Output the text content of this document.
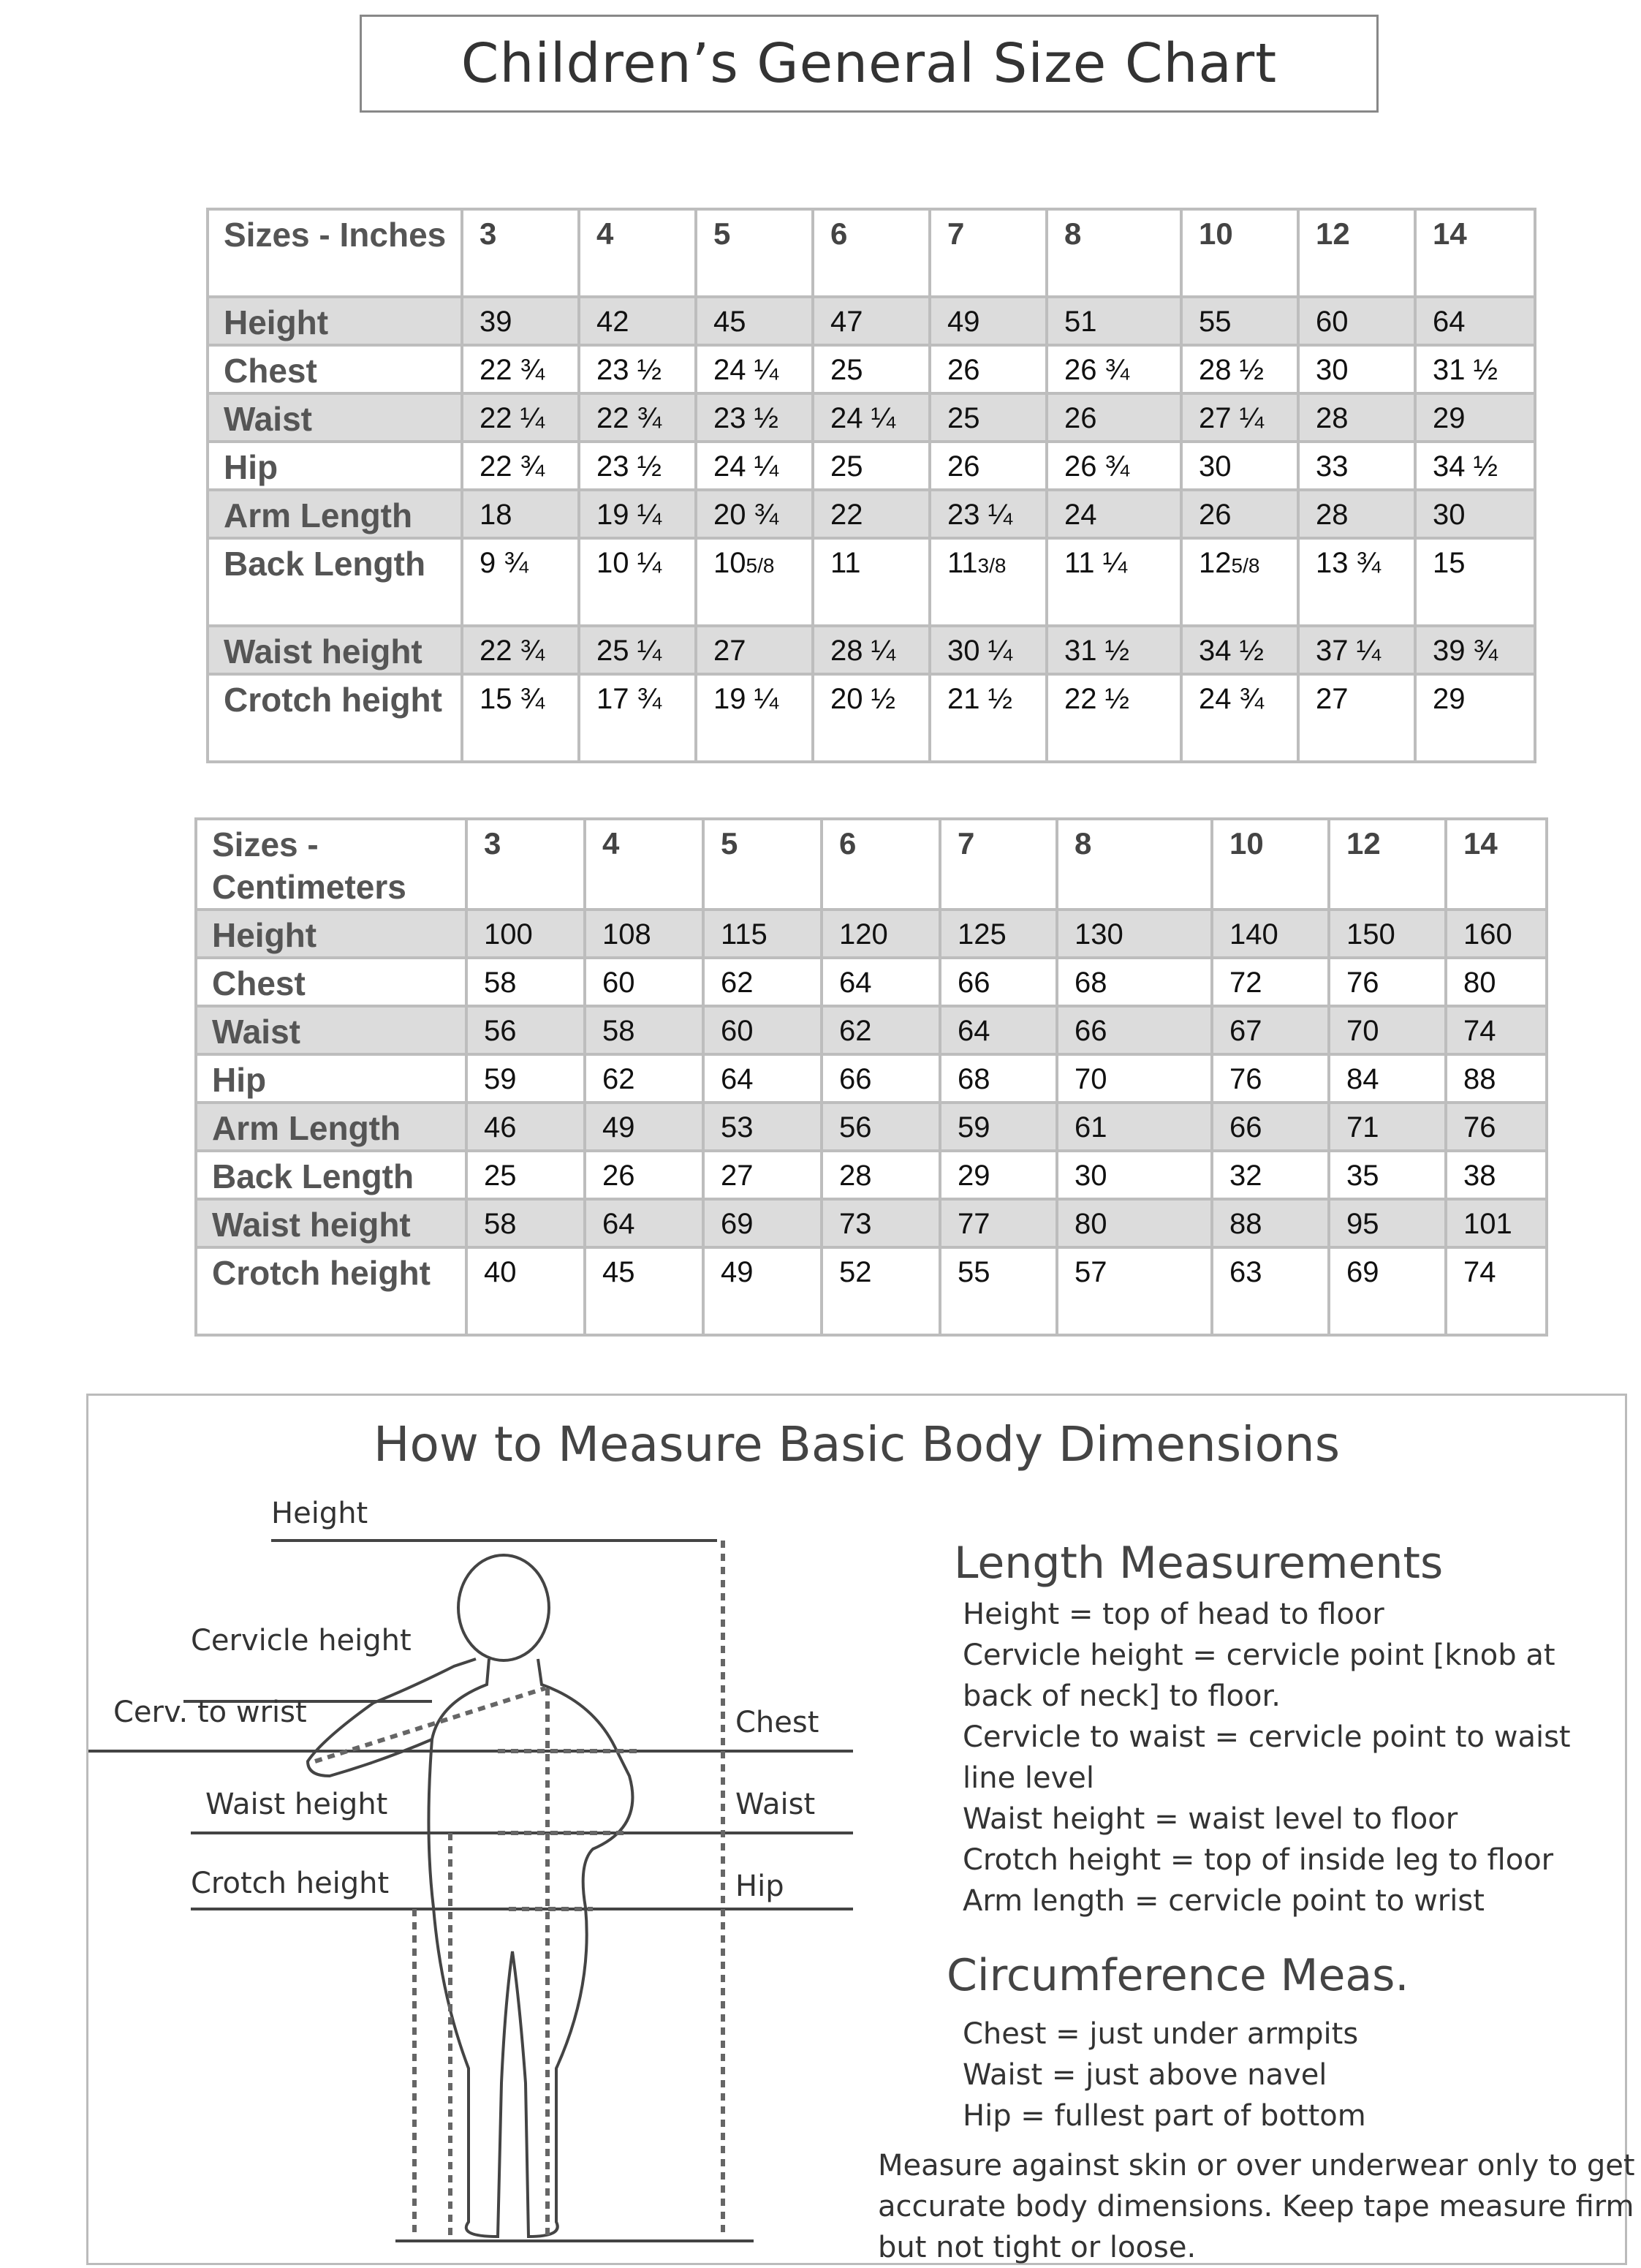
Children’s General Size Chart
Sizes - Inches	3	4	5	6	7	8	10	12	14
Height	39	42	45	47	49	51	55	60	64
Chest	22 ¾	23 ½	24 ¼	25	26	26 ¾	28 ½	30	31 ½
Waist	22 ¼	22 ¾	23 ½	24 ¼	25	26	27 ¼	28	29
Hip	22 ¾	23 ½	24 ¼	25	26	26 ¾	30	33	34 ½
Arm Length	18	19 ¼	20 ¾	22	23 ¼	24	26	28	30
Back Length	9 ¾	10 ¼	105/8	11	113/8	11 ¼	125/8	13 ¾	15
Waist height	22 ¾	25 ¼	27	28 ¼	30 ¼	31 ½	34 ½	37 ¼	39 ¾
Crotch height	15 ¾	17 ¾	19 ¼	20 ½	21 ½	22 ½	24 ¾	27	29
Sizes - Centimeters	3	4	5	6	7	8	10	12	14
Height	100	108	115	120	125	130	140	150	160
Chest	58	60	62	64	66	68	72	76	80
Waist	56	58	60	62	64	66	67	70	74
Hip	59	62	64	66	68	70	76	84	88
Arm Length	46	49	53	56	59	61	66	71	76
Back Length	25	26	27	28	29	30	32	35	38
Waist height	58	64	69	73	77	80	88	95	101
Crotch height	40	45	49	52	55	57	63	69	74
How to Measure Basic Body Dimensions
Height
Cervicle height
Cerv. to wrist
Waist height
Crotch height
Chest
Waist
Hip
Length Measurements
Height = top of head to floor
Cervicle height = cervicle point [knob at
back of neck] to floor.
Cervicle to waist = cervicle point to waist
line level
Waist height = waist level to floor
Crotch height = top of inside leg to floor
Arm length = cervicle point to wrist
Circumference Meas.
Chest = just under armpits
Waist = just above navel
Hip = fullest part of bottom
Measure against skin or over underwear only to get
accurate body dimensions. Keep tape measure firm
but not tight or loose.
